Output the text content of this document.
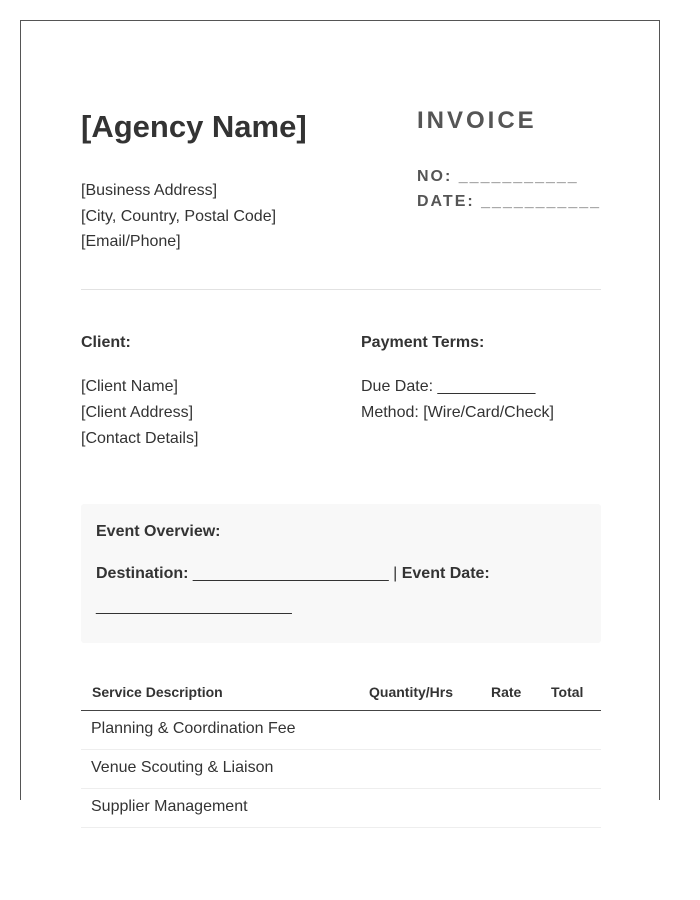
[Agency Name]
[Business Address]
[City, Country, Postal Code]
[Email/Phone]
INVOICE
NO: ___________
DATE: ___________
Client:
[Client Name]
[Client Address]
[Contact Details]
Payment Terms:
Due Date: ___________
Method: [Wire/Card/Check]
Event Overview:
Destination: ______________________ | Event Date:
______________________
Service Description	Quantity/Hrs	Rate Total
Planning & Coordination Fee
Venue Scouting & Liaison
Supplier Management
